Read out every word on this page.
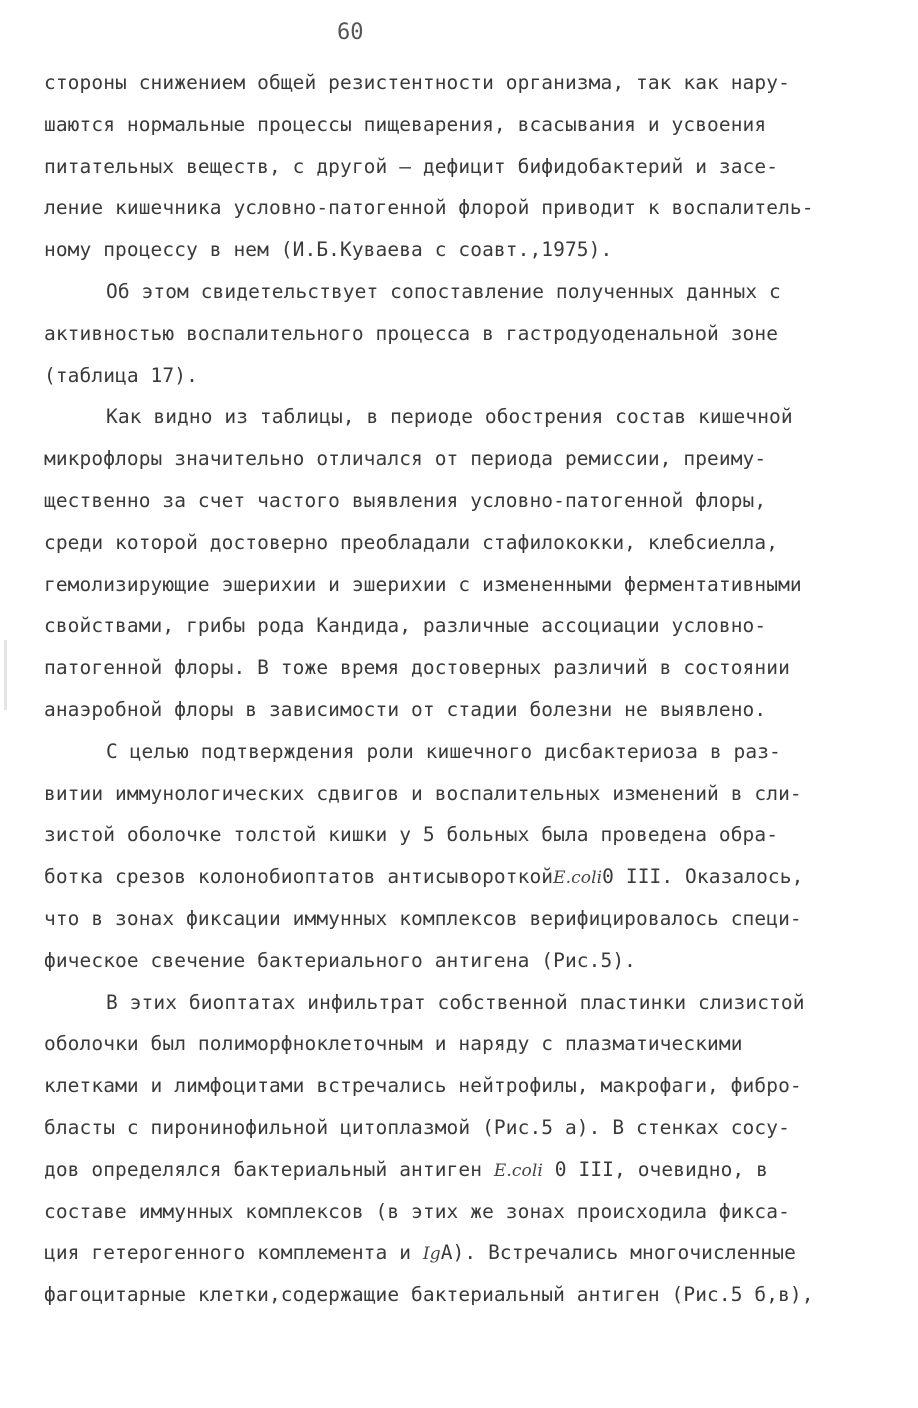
60
стороны снижением общей резистентности организма, так как нару-
шаются нормальные процессы пищеварения, всасывания и усвоения
питательных веществ, с другой – дефицит бифидобактерий и засе-
ление кишечника условно-патогенной флорой приводит к воспалитель-
ному процессу в нем (И.Б.Куваева с соавт.,1975).
Об этом свидетельствует сопоставление полученных данных с
активностью воспалительного процесса в гастродуоденальной зоне
(таблица 17).
Как видно из таблицы, в периоде обострения состав кишечной
микрофлоры значительно отличался от периода ремиссии, преиму-
щественно за счет частого выявления условно-патогенной флоры,
среди которой достоверно преобладали стафилококки, клебсиелла,
гемолизирующие эшерихии и эшерихии с измененными ферментативными
свойствами, грибы рода Кандида, различные ассоциации условно-
патогенной флоры. В тоже время достоверных различий в состоянии
анаэробной флоры в зависимости от стадии болезни не выявлено.
С целью подтверждения роли кишечного дисбактериоза в раз-
витии иммунологических сдвигов и воспалительных изменений в сли-
зистой оболочке толстой кишки у 5 больных была проведена обра-
ботка срезов колонобиоптатов антисывороткойE.coli0 III. Оказалось,
что в зонах фиксации иммунных комплексов верифицировалось специ-
фическое свечение бактериального антигена (Рис.5).
В этих биоптатах инфильтрат собственной пластинки слизистой
оболочки был полиморфноклеточным и наряду с плазматическими
клетками и лимфоцитами встречались нейтрофилы, макрофаги, фибро-
бласты с пиронинофильной цитоплазмой (Рис.5 а). В стенках сосу-
дов определялся бактериальный антиген E.coli 0 III, очевидно, в
составе иммунных комплексов (в этих же зонах происходила фикса-
ция гетерогенного комплемента и IgA). Встречались многочисленные
фагоцитарные клетки,содержащие бактериальный антиген (Рис.5 б,в),
